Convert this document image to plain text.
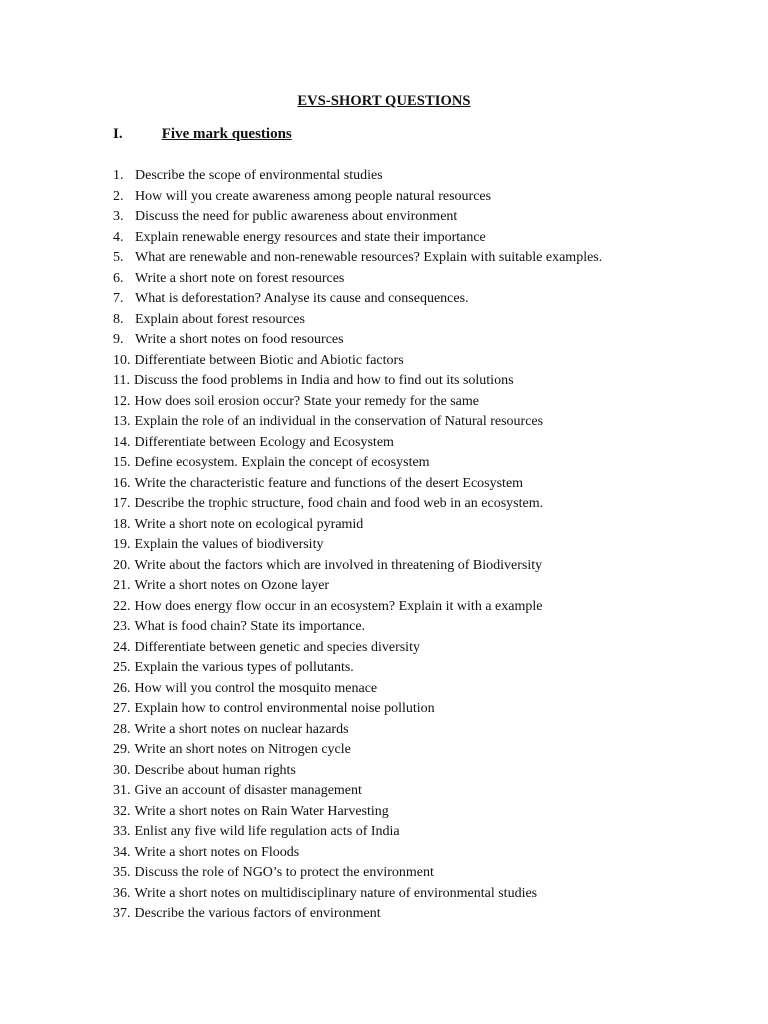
EVS-SHORT QUESTIONS
I.	Five mark questions
1. Describe the scope of environmental studies
2. How will you create awareness among people natural resources
3. Discuss the need for public awareness about environment
4. Explain renewable energy resources and state their importance
5. What are renewable and non-renewable resources? Explain with suitable examples.
6. Write a short note on forest resources
7. What is deforestation? Analyse its cause and consequences.
8. Explain about forest resources
9. Write a short notes on food resources
10. Differentiate between Biotic and Abiotic factors
11. Discuss the food problems in India and how to find out its solutions
12. How does soil erosion occur? State your remedy for the same
13. Explain the role of an individual in the conservation of Natural resources
14. Differentiate between Ecology and Ecosystem
15. Define ecosystem. Explain the concept of ecosystem
16. Write the characteristic feature and functions of the desert Ecosystem
17. Describe the trophic structure, food chain and food web in an ecosystem.
18. Write a short note on ecological pyramid
19. Explain the values of biodiversity
20. Write about the factors which are involved in threatening of Biodiversity
21. Write a short notes on Ozone layer
22. How does energy flow occur in an ecosystem? Explain it with a example
23. What is food chain? State its importance.
24. Differentiate between genetic and species diversity
25. Explain the various types of pollutants.
26. How will you control the mosquito menace
27. Explain how to control environmental noise pollution
28. Write a short notes on nuclear hazards
29. Write an short notes on Nitrogen cycle
30. Describe about human rights
31. Give an account of disaster management
32. Write a short notes on Rain Water Harvesting
33. Enlist any five wild life regulation acts of India
34. Write a short notes on Floods
35. Discuss the role of NGO’s to protect the environment
36. Write a short notes on multidisciplinary nature of environmental studies
37. Describe the various factors of environment
